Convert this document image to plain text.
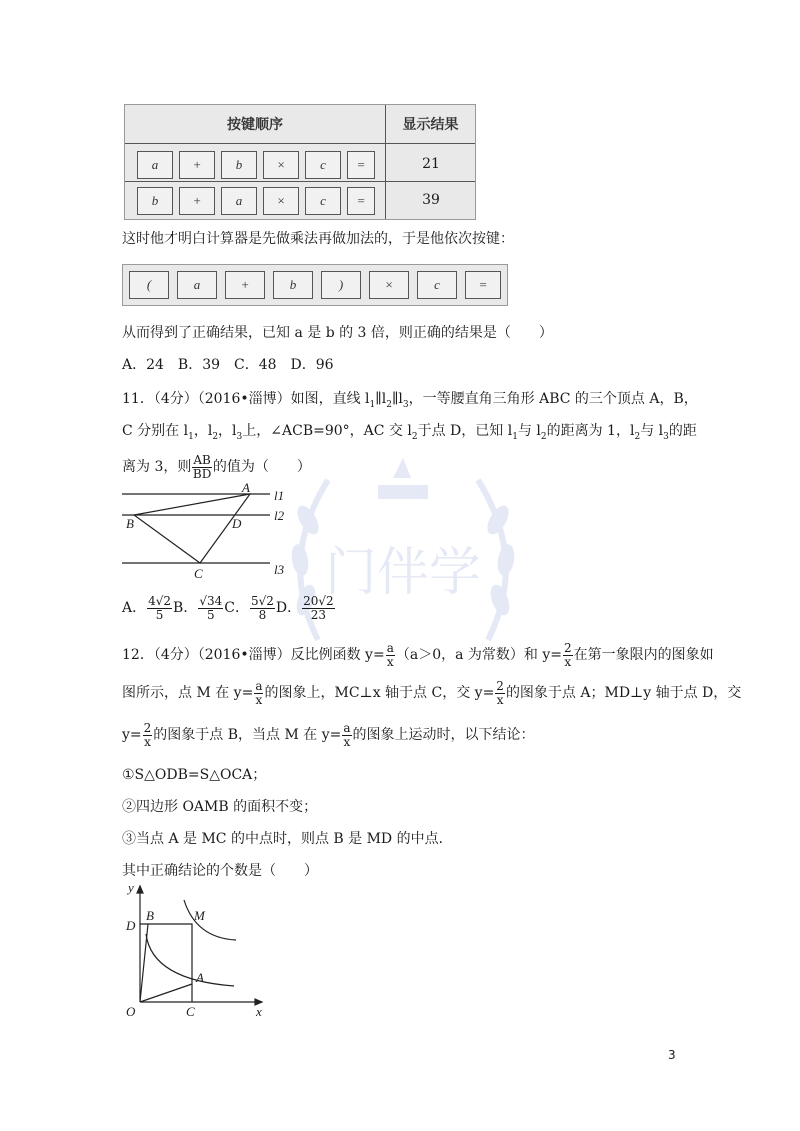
门伴学
按键顺序	显示结果
a	+	b	×	c	=	21
b	+	a	×	c	=	39
这时他才明白计算器是先做乘法再做加法的，于是他依次按键：
(	a	+	b	)	×	c	=
从而得到了正确结果，已知 a 是 b 的 3 倍，则正确的结果是（　　）
A．24　B．39　C．48　D．96
11．（4分）（2016•淄博）如图，直线 $l_1\parallel l_2\parallel l_3$，一等腰直角三角形 ABC 的三个顶点 A，B，
C 分别在 $l_1$，$l_2$，$l_3$上，∠ACB=90°，AC 交 $l_2$于点 D，已知 $l_1$与 $l_2$的距离为 1，$l_2$与 $l_3$的距
离为 3，则 $\frac{AB}{BD}$ 的值为（　　）
A
B
C
D
l1
l2
l3
A． $\frac{4√2}{5}$ B． $\frac{√34}{5}$ C． $\frac{5√2}{8}$ D． $\frac{20√2}{23}$
12．（4分）（2016•淄博）反比例函数 $y= \frac{a}{x} (a>0$，a 为常数）和 $y= \frac{2}{x}$ 在第一象限内的图象如
图所示，点 M 在 $y= \frac{a}{x}$ 的图象上，MC⊥x 轴于点 C，交 $y= \frac{2}{x}$ 的图象于点 A；MD⊥y 轴于点 D，交
$y= \frac{2}{x}$ 的图象于点 B，当点 M 在 $y= \frac{a}{x}$ 的图象上运动时，以下结论：
①S△ODB=S△OCA；
②四边形 OAMB 的面积不变；
③当点 A 是 MC 的中点时，则点 B 是 MD 的中点．
其中正确结论的个数是（　　）
y
x
O
D
B	M
A
C
3
